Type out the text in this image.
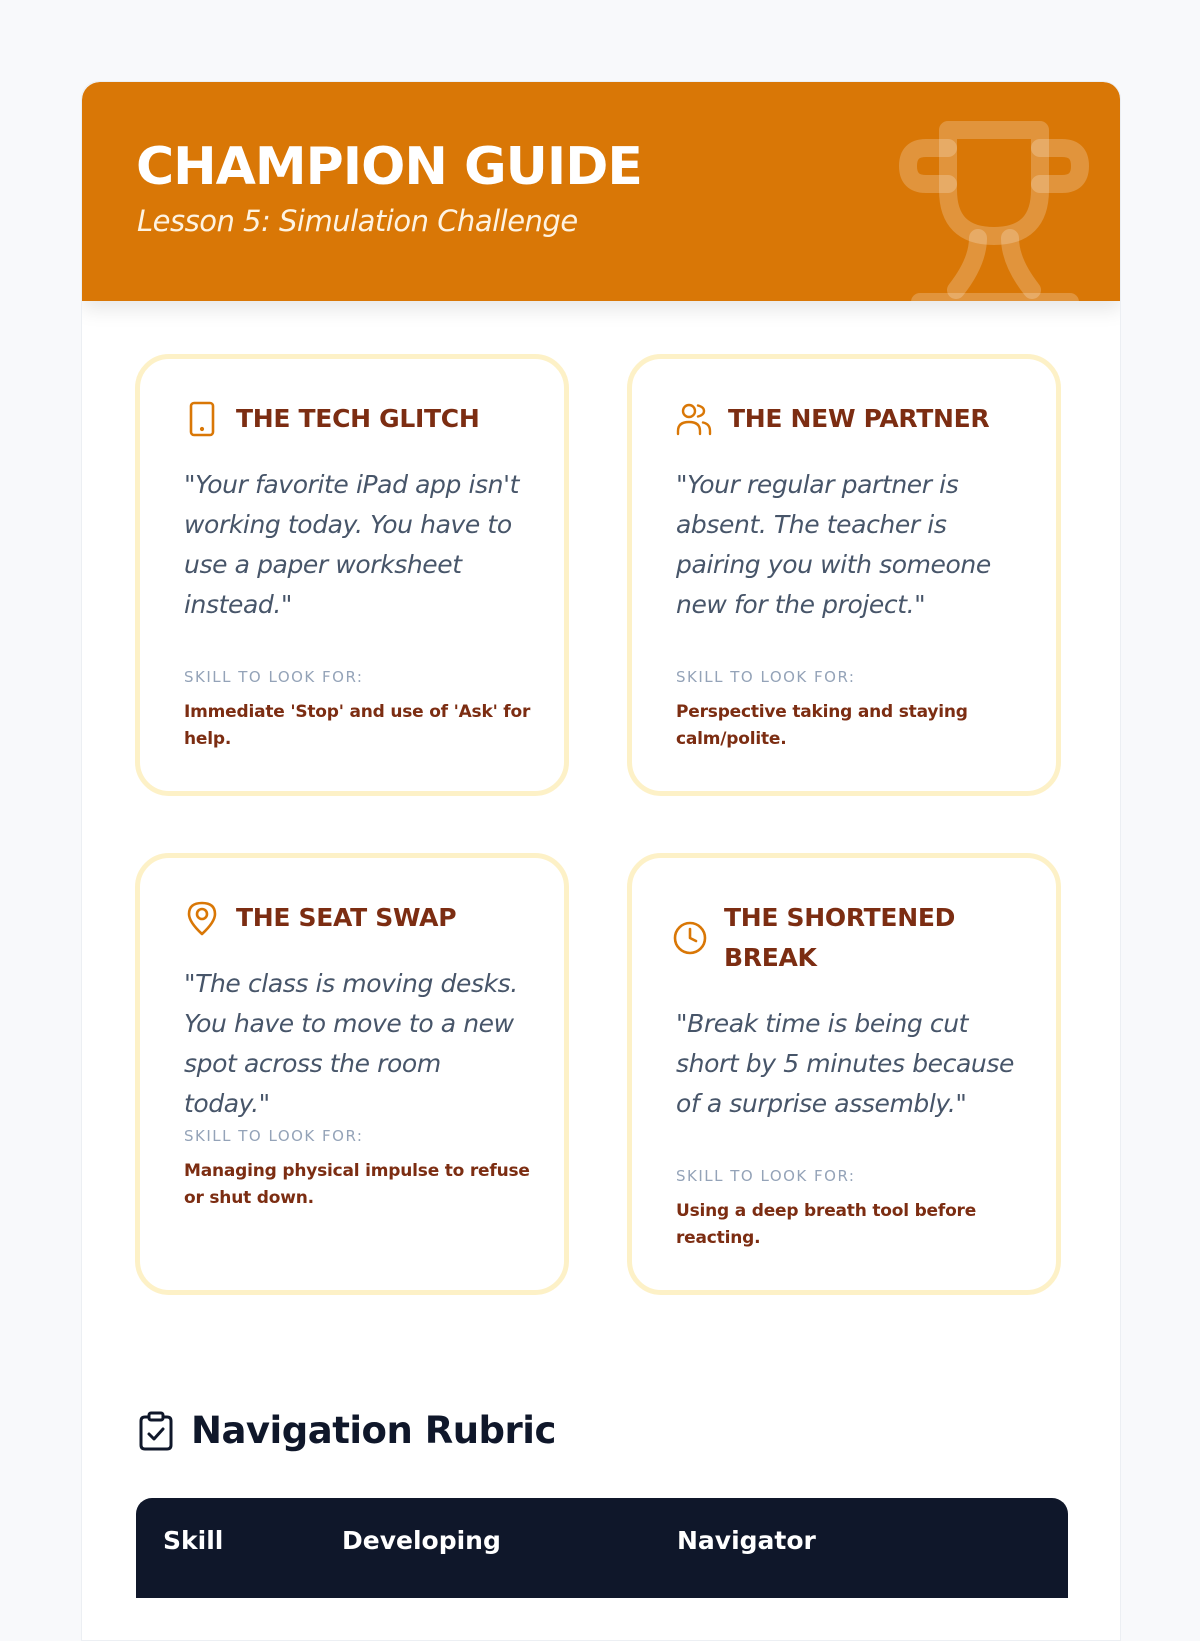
CHAMPION GUIDE
Lesson 5: Simulation Challenge
THE TECH GLITCH
"Your favorite iPad app isn't working today. You have to use a paper worksheet instead."
SKILL TO LOOK FOR:
Immediate 'Stop' and use of 'Ask' for help.
THE NEW PARTNER
"Your regular partner is absent. The teacher is pairing you with someone new for the project."
SKILL TO LOOK FOR:
Perspective taking and staying calm/polite.
THE SEAT SWAP
"The class is moving desks. You have to move to a new spot across the room today."
SKILL TO LOOK FOR:
Managing physical impulse to refuse or shut down.
THE SHORTENED BREAK
"Break time is being cut short by 5 minutes because of a surprise assembly."
SKILL TO LOOK FOR:
Using a deep breath tool before reacting.
Navigation Rubric
Skill	Developing	Navigator
